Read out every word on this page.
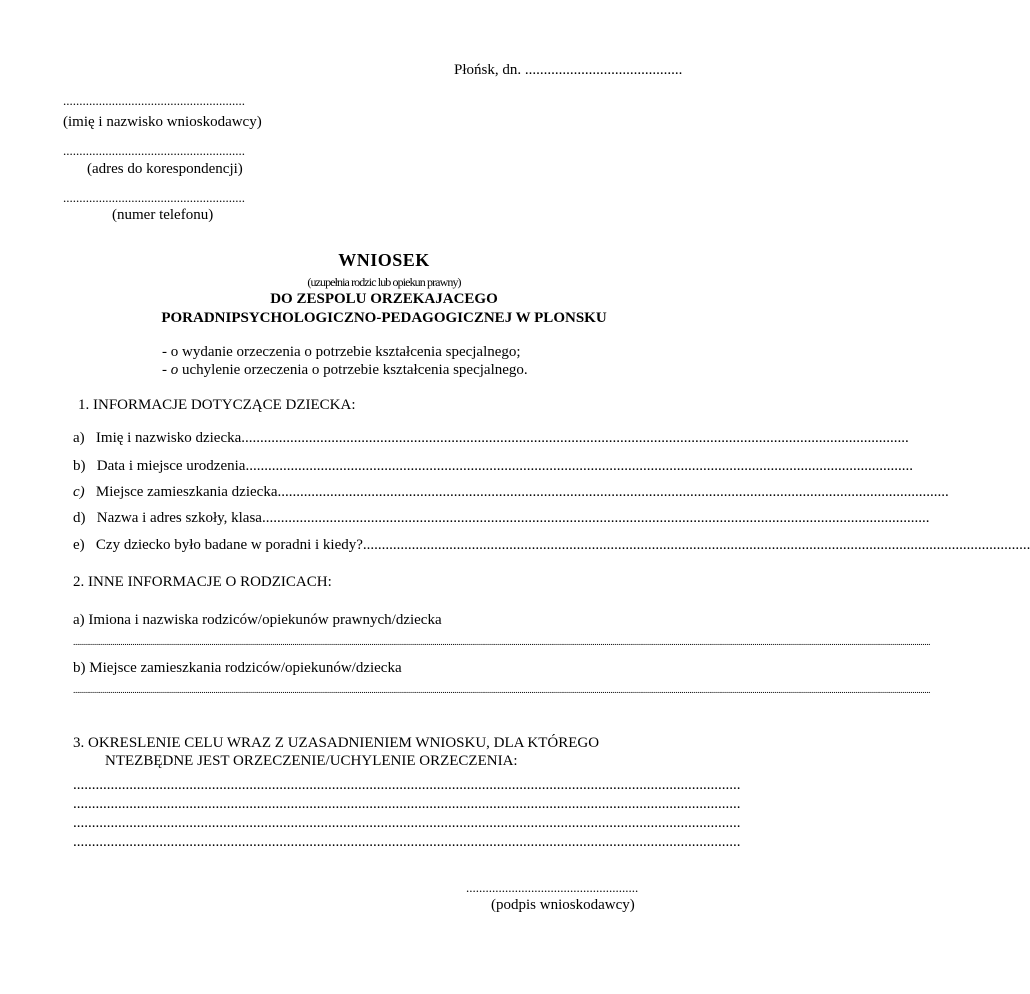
Płońsk, dn. ..........................................
........................................................
(imię i nazwisko wnioskodawcy)
........................................................
(adres do korespondencji)
........................................................
(numer telefonu)
WNIOSEK
(uzupełnia rodzic lub opiekun prawny)
DO ZESPOLU ORZEKAJACEGO
PORADNIPSYCHOLOGICZNO-PEDAGOGICZNEJ W PLONSKU
- o wydanie orzeczenia o potrzebie kształcenia specjalnego;
- o uchylenie orzeczenia o potrzebie kształcenia specjalnego.
1. INFORMACJE DOTYCZĄCE DZIECKA:
a) Imię i nazwisko dziecka ..................................................................................................................................................................................
b) Data i miejsce urodzenia ..................................................................................................................................................................................
c) Miejsce zamieszkania dziecka. ..................................................................................................................................................................................
d) Nazwa i adres szkoły, klasa ..................................................................................................................................................................................
e) Czy dziecko było badane w poradni i kiedy? ..................................................................................................................................................................................
2. INNE INFORMACJE O RODZICACH:
a) Imiona i nazwiska rodziców/opiekunów prawnych/dziecka
..................................................................................................................................................................................................................................................................................................................................................................................................................................................
b) Miejsce zamieszkania rodziców/opiekunów/dziecka
..................................................................................................................................................................................................................................................................................................................................................................................................................................................
3. OKRESLENIE CELU WRAZ Z UZASADNIENIEM WNIOSKU, DLA KTÓREGO
NTEZBĘDNE JEST ORZECZENIE/UCHYLENIE ORZECZENIA:
..................................................................................................................................................................................
..................................................................................................................................................................................
..................................................................................................................................................................................
..................................................................................................................................................................................
.....................................................
(podpis wnioskodawcy)
